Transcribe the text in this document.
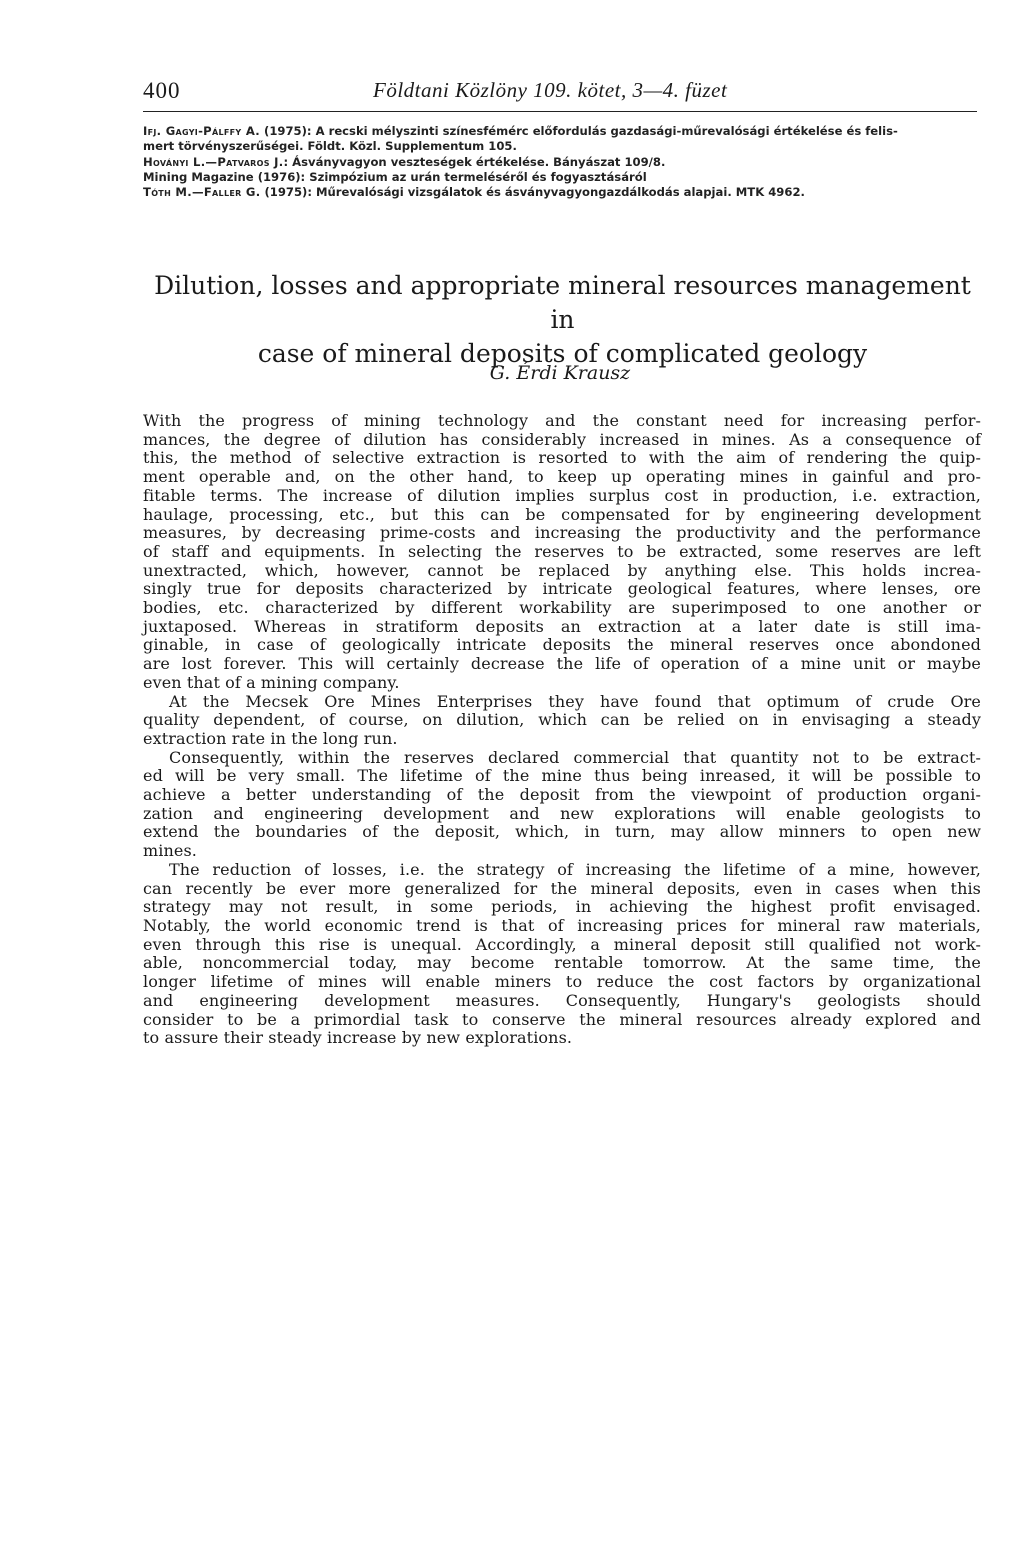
400	Földtani Közlöny 109. kötet, 3—4. füzet
Ifj. Gagyi-Pálffy A. (1975): A recski mélyszinti színesfémérc előfordulás gazdasági-műrevalósági értékelése és felis-
mert törvényszerűségei. Földt. Közl. Supplementum 105.
Hoványi L.—Patvaros J.: Ásványvagyon veszteségek értékelése. Bányászat 109/8.
Mining Magazine (1976): Szimpózium az urán termeléséről és fogyasztásáról
Tóth M.—Faller G. (1975): Műrevalósági vizsgálatok és ásványvagyongazdálkodás alapjai. MTK 4962.
Dilution, losses and appropriate mineral resources management in
case of mineral deposits of complicated geology
G. Érdi Krausz
With the progress of mining technology and the constant need for increasing perfor-
mances, the degree of dilution has considerably increased in mines. As a consequence of
this, the method of selective extraction is resorted to with the aim of rendering the quip-
ment operable and, on the other hand, to keep up operating mines in gainful and pro-
fitable terms. The increase of dilution implies surplus cost in production, i.e. extraction,
haulage, processing, etc., but this can be compensated for by engineering development
measures, by decreasing prime-costs and increasing the productivity and the performance
of staff and equipments. In selecting the reserves to be extracted, some reserves are left
unextracted, which, however, cannot be replaced by anything else. This holds increa-
singly true for deposits characterized by intricate geological features, where lenses, ore
bodies, etc. characterized by different workability are superimposed to one another or
juxtaposed. Whereas in stratiform deposits an extraction at a later date is still ima-
ginable, in case of geologically intricate deposits the mineral reserves once abondoned
are lost forever. This will certainly decrease the life of operation of a mine unit or maybe
even that of a mining company.
At the Mecsek Ore Mines Enterprises they have found that optimum of crude Ore
quality dependent, of course, on dilution, which can be relied on in envisaging a steady
extraction rate in the long run.
Consequently, within the reserves declared commercial that quantity not to be extract-
ed will be very small. The lifetime of the mine thus being inreased, it will be possible to
achieve a better understanding of the deposit from the viewpoint of production organi-
zation and engineering development and new explorations will enable geologists to
extend the boundaries of the deposit, which, in turn, may allow minners to open new
mines.
The reduction of losses, i.e. the strategy of increasing the lifetime of a mine, however,
can recently be ever more generalized for the mineral deposits, even in cases when this
strategy may not result, in some periods, in achieving the highest profit envisaged.
Notably, the world economic trend is that of increasing prices for mineral raw materials,
even through this rise is unequal. Accordingly, a mineral deposit still qualified not work-
able, noncommercial today, may become rentable tomorrow. At the same time, the
longer lifetime of mines will enable miners to reduce the cost factors by organizational
and engineering development measures. Consequently, Hungary's geologists should
consider to be a primordial task to conserve the mineral resources already explored and
to assure their steady increase by new explorations.
